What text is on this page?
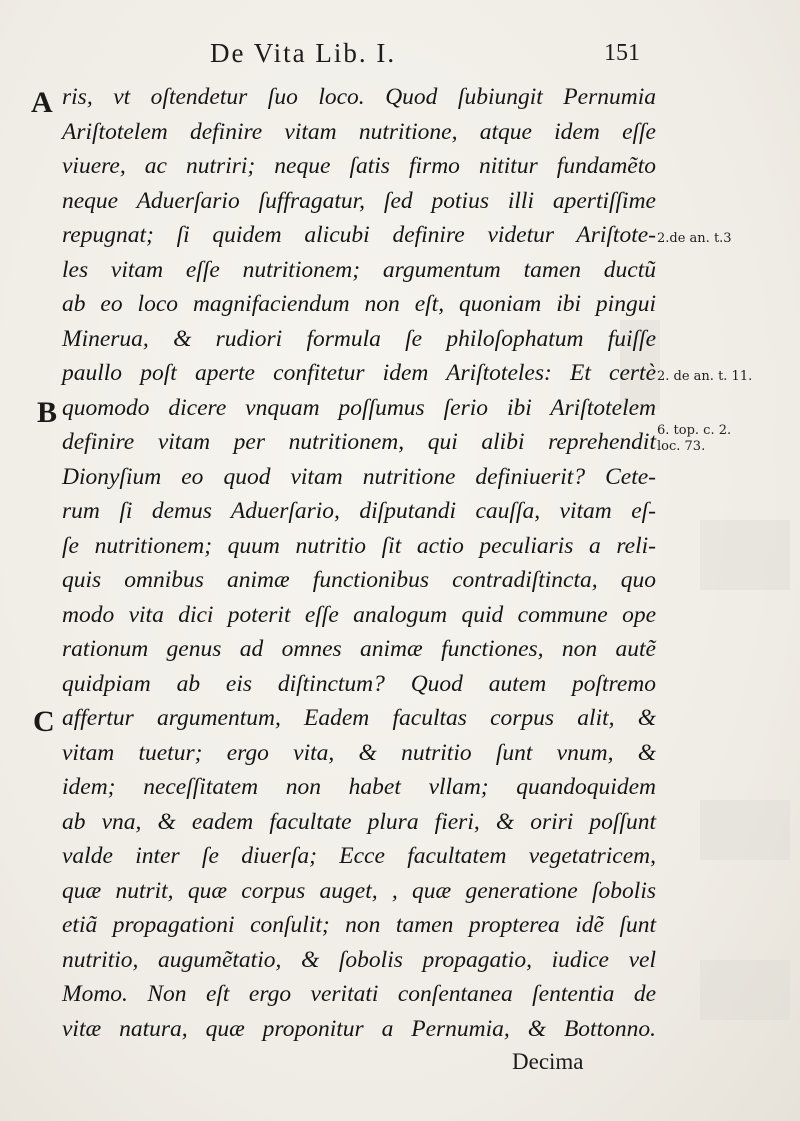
De Vita Lib. I.	151
A
B
C
2.de an. t.3
2. de an. t. 11.
6. top. c. 2.
loc. 73.
ris, vt oſtendetur ſuo loco. Quod ſubiungit Pernumia
Ariſtotelem definire vitam nutritione, atque idem eſſe
viuere, ac nutriri; neque ſatis firmo nititur fundamẽto
neque Aduerſario ſuffragatur, ſed potius illi apertiſſime
repugnat; ſi quidem alicubi definire videtur Ariſtote-
les vitam eſſe nutritionem; argumentum tamen ductũ
ab eo loco magnifaciendum non eſt, quoniam ibi pingui
Minerua, & rudiori formula ſe philoſophatum fuiſſe
paullo poſt aperte confitetur idem Ariſtoteles: Et certè
quomodo dicere vnquam poſſumus ſerio ibi Ariſtotelem
definire vitam per nutritionem, qui alibi reprehendit
Dionyſium eo quod vitam nutritione definiuerit? Cete-
rum ſi demus Aduerſario, diſputandi cauſſa, vitam eſ-
ſe nutritionem; quum nutritio ſit actio peculiaris a reli-
quis omnibus animæ functionibus contradiſtincta, quo
modo vita dici poterit eſſe analogum quid commune ope
rationum genus ad omnes animæ functiones, non autẽ
quidpiam ab eis diſtinctum? Quod autem poſtremo
affertur argumentum, Eadem facultas corpus alit, &
vitam tuetur; ergo vita, & nutritio ſunt vnum, &
idem; neceſſitatem non habet vllam; quandoquidem
ab vna, & eadem facultate plura fieri, & oriri poſſunt
valde inter ſe diuerſa; Ecce facultatem vegetatricem,
quæ nutrit, quæ corpus auget, , quæ generatione ſobolis
etiã propagationi conſulit; non tamen propterea idẽ ſunt
nutritio, augumẽtatio, & ſobolis propagatio, iudice vel
Momo. Non eſt ergo veritati conſentanea ſententia de
vitæ natura, quæ proponitur a Pernumia, & Bottonno.
Decima
